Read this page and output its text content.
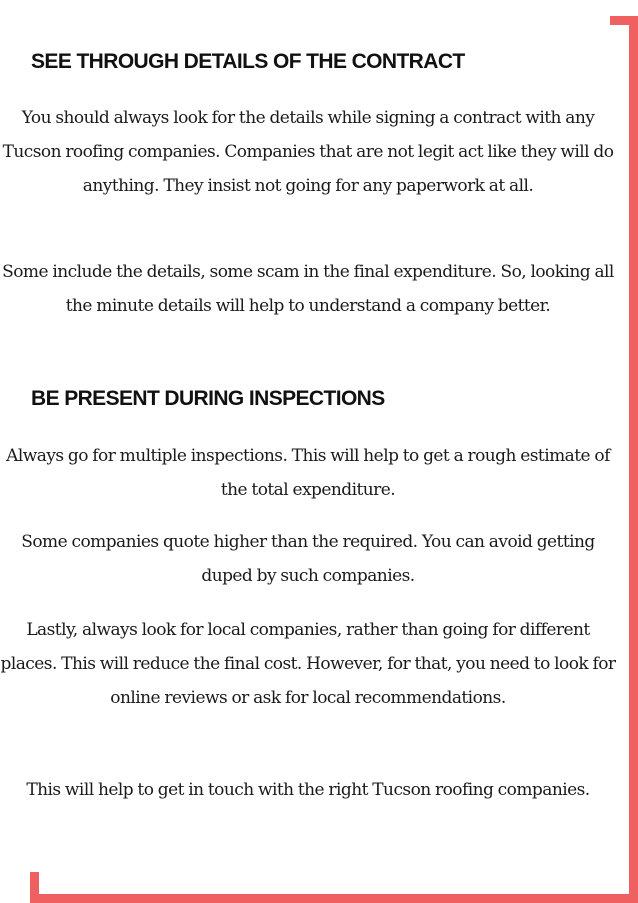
SEE THROUGH DETAILS OF THE CONTRACT

You should always look for the details while signing a contract with any Tucson roofing companies. Companies that are not legit act like they will do anything. They insist not going for any paperwork at all.

Some include the details, some scam in the final expenditure. So, looking all the minute details will help to understand a company better.

BE PRESENT DURING INSPECTIONS

Always go for multiple inspections. This will help to get a rough estimate of the total expenditure.

Some companies quote higher than the required. You can avoid getting duped by such companies.

Lastly, always look for local companies, rather than going for different places. This will reduce the final cost. However, for that, you need to look for online reviews or ask for local recommendations.

This will help to get in touch with the right Tucson roofing companies.
